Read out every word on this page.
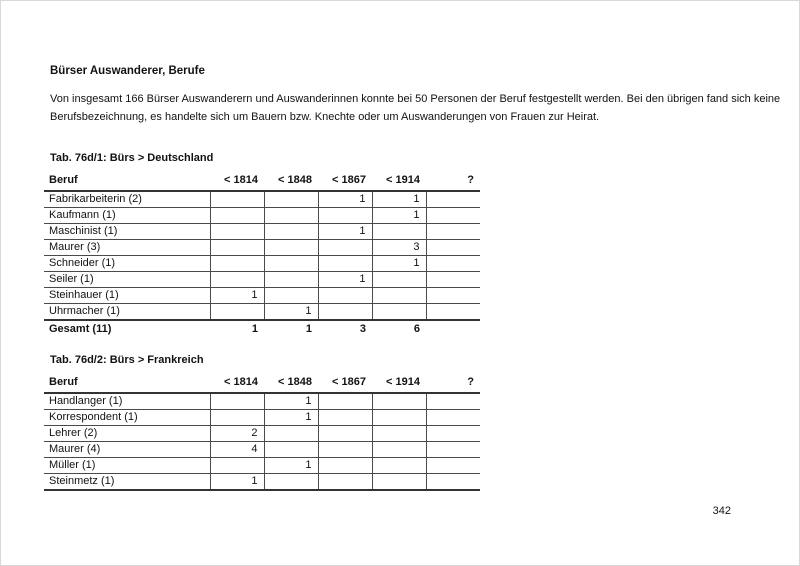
Bürser Auswanderer, Berufe
Von insgesamt 166 Bürser Auswanderern und Auswanderinnen konnte bei 50 Personen der Beruf festgestellt werden. Bei den übrigen fand sich keine
Berufsbezeichnung, es handelte sich um Bauern bzw. Knechte oder um Auswanderungen von Frauen zur Heirat.
Tab. 76d/1: Bürs > Deutschland
Beruf	< 1814	< 1848	< 1867	< 1914	?
Fabrikarbeiterin (2)			1	1	
Kaufmann (1)				1	
Maschinist (1)			1		
Maurer (3)				3	
Schneider (1)				1	
Seiler (1)			1		
Steinhauer (1)	1				
Uhrmacher (1)		1			
Gesamt (11)	1	1	3	6	
Tab. 76d/2: Bürs > Frankreich
Beruf	< 1814	< 1848	< 1867	< 1914	?
Handlanger (1)		1			
Korrespondent (1)		1			
Lehrer (2)	2				
Maurer (4)	4				
Müller (1)		1			
Steinmetz (1)	1				
342
